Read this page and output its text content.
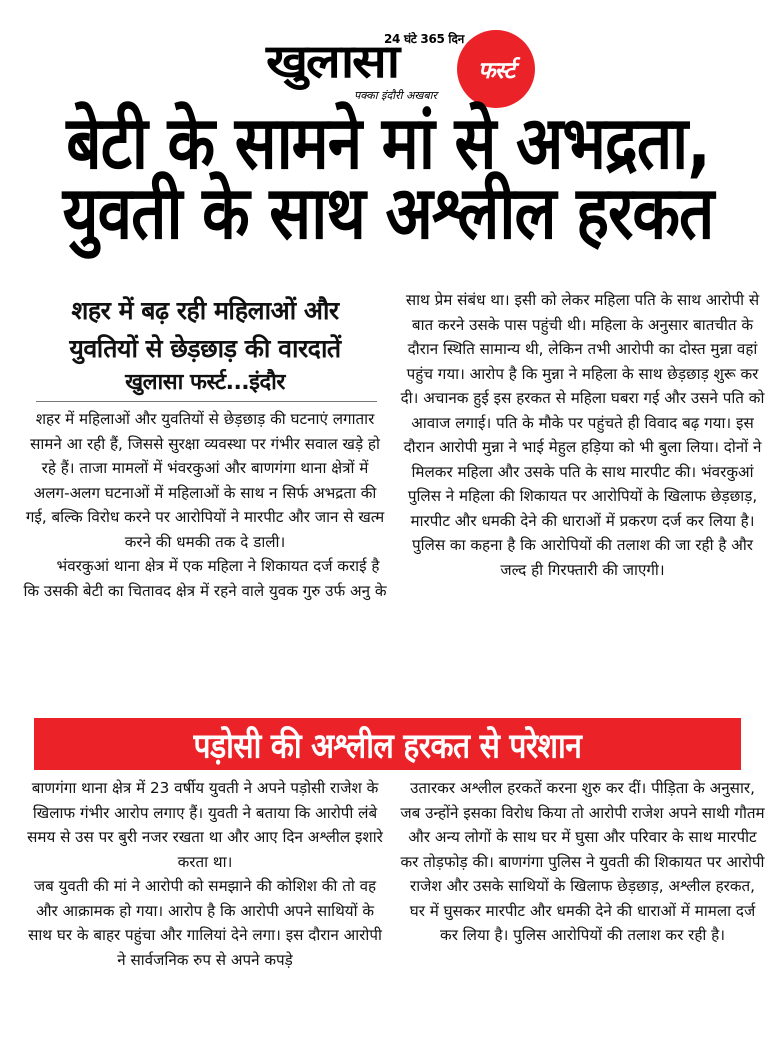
24 घंटे 365 दिन
खुलासा
पक्का इंदौरी अखबार
फर्स्ट
बेटी के सामने मां से अभद्रता,
युवती के साथ अश्लील हरकत
शहर में बढ़ रही महिलाओं और
युवतियों से छेड़छाड़ की वारदातें
खुलासा फर्स्ट...इंदौर

शहर में महिलाओं और युवतियों से छेड़छाड़ की घटनाएं लगातार सामने आ रही हैं, जिससे सुरक्षा व्यवस्था पर गंभीर सवाल खड़े हो रहे हैं। ताजा मामलों में भंवरकुआं और बाणगंगा थाना क्षेत्रों में अलग-अलग घटनाओं में महिलाओं के साथ न सिर्फ अभद्रता की गई, बल्कि विरोध करने पर आरोपियों ने मारपीट और जान से खत्म करने की धमकी तक दे डाली।

भंवरकुआं थाना क्षेत्र में एक महिला ने शिकायत दर्ज कराई है कि उसकी बेटी का चितावद क्षेत्र में रहने वाले युवक गुरु उर्फ अनु के

साथ प्रेम संबंध था। इसी को लेकर महिला पति के साथ आरोपी से बात करने उसके पास पहुंची थी। महिला के अनुसार बातचीत के दौरान स्थिति सामान्य थी, लेकिन तभी आरोपी का दोस्त मुन्ना वहां पहुंच गया। आरोप है कि मुन्ना ने महिला के साथ छेड़छाड़ शुरू कर दी। अचानक हुई इस हरकत से महिला घबरा गई और उसने पति को आवाज लगाई। पति के मौके पर पहुंचते ही विवाद बढ़ गया। इस दौरान आरोपी मुन्ना ने भाई मेहुल हड़िया को भी बुला लिया। दोनों ने मिलकर महिला और उसके पति के साथ मारपीट की। भंवरकुआं पुलिस ने महिला की शिकायत पर आरोपियों के खिलाफ छेड़छाड़, मारपीट और धमकी देने की धाराओं में प्रकरण दर्ज कर लिया है। पुलिस का कहना है कि आरोपियों की तलाश की जा रही है और जल्द ही गिरफ्तारी की जाएगी।

पड़ोसी की अश्लील हरकत से परेशान

बाणगंगा थाना क्षेत्र में 23 वर्षीय युवती ने अपने पड़ोसी राजेश के खिलाफ गंभीर आरोप लगाए हैं। युवती ने बताया कि आरोपी लंबे समय से उस पर बुरी नजर रखता था और आए दिन अश्लील इशारे करता था।

जब युवती की मां ने आरोपी को समझाने की कोशिश की तो वह और आक्रामक हो गया। आरोप है कि आरोपी अपने साथियों के साथ घर के बाहर पहुंचा और गालियां देने लगा। इस दौरान आरोपी ने सार्वजनिक रुप से अपने कपड़े

उतारकर अश्लील हरकतें करना शुरु कर दीं। पीड़िता के अनुसार, जब उन्होंने इसका विरोध किया तो आरोपी राजेश अपने साथी गौतम और अन्य लोगों के साथ घर में घुसा और परिवार के साथ मारपीट कर तोड़फोड़ की। बाणगंगा पुलिस ने युवती की शिकायत पर आरोपी राजेश और उसके साथियों के खिलाफ छेड़छाड़, अश्लील हरकत, घर में घुसकर मारपीट और धमकी देने की धाराओं में मामला दर्ज कर लिया है। पुलिस आरोपियों की तलाश कर रही है।
